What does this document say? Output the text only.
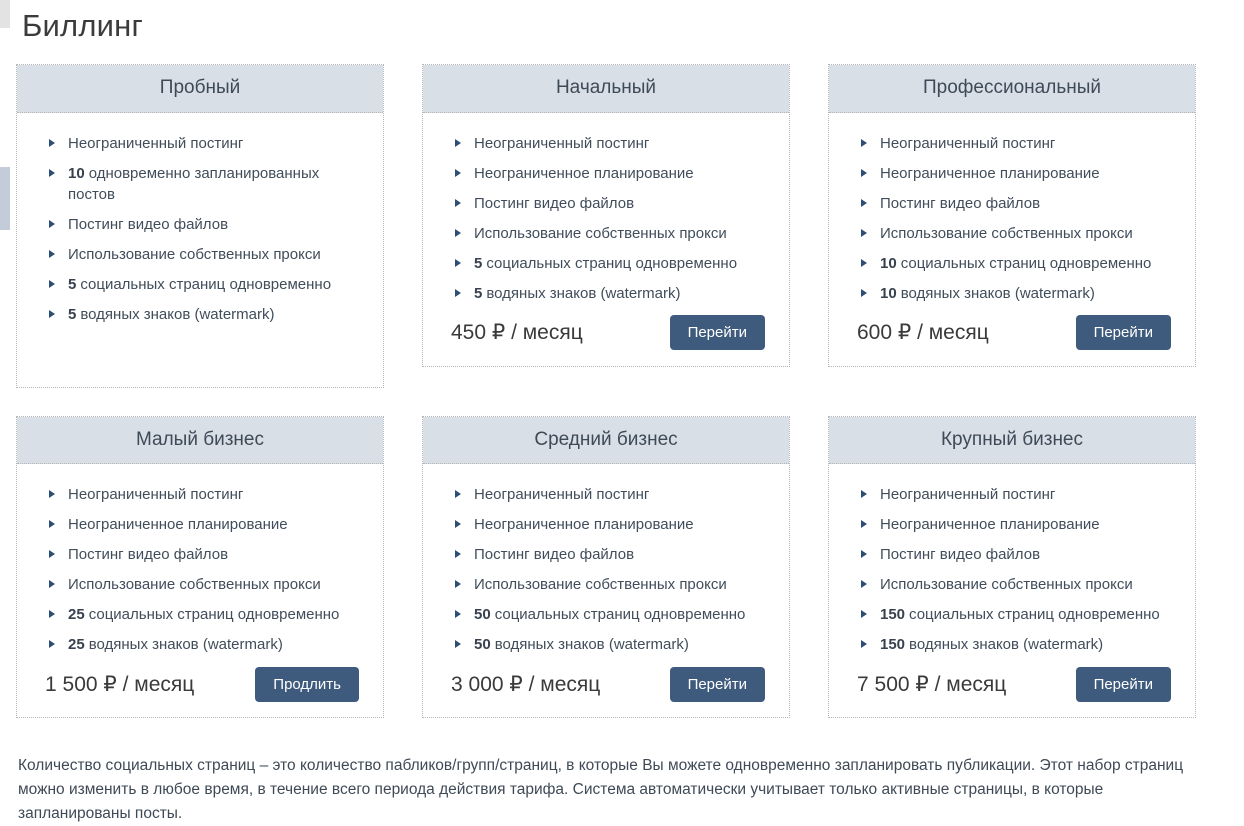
Биллинг
Пробный
Неограниченный постинг
10 одновременно запланированных постов
Постинг видео файлов
Использование собственных прокси
5 социальных страниц одновременно
5 водяных знаков (watermark)
Начальный
Неограниченный постинг
Неограниченное планирование
Постинг видео файлов
Использование собственных прокси
5 социальных страниц одновременно
5 водяных знаков (watermark)
450 ₽ / месяц	Перейти
Профессиональный
Неограниченный постинг
Неограниченное планирование
Постинг видео файлов
Использование собственных прокси
10 социальных страниц одновременно
10 водяных знаков (watermark)
600 ₽ / месяц	Перейти
Малый бизнес
Неограниченный постинг
Неограниченное планирование
Постинг видео файлов
Использование собственных прокси
25 социальных страниц одновременно
25 водяных знаков (watermark)
1 500 ₽ / месяц	Продлить
Средний бизнес
Неограниченный постинг
Неограниченное планирование
Постинг видео файлов
Использование собственных прокси
50 социальных страниц одновременно
50 водяных знаков (watermark)
3 000 ₽ / месяц	Перейти
Крупный бизнес
Неограниченный постинг
Неограниченное планирование
Постинг видео файлов
Использование собственных прокси
150 социальных страниц одновременно
150 водяных знаков (watermark)
7 500 ₽ / месяц	Перейти

Количество социальных страниц – это количество пабликов/групп/страниц, в которые Вы можете одновременно запланировать публикации. Этот набор страниц можно изменить в любое время, в течение всего периода действия тарифа. Система автоматически учитывает только активные страницы, в которые запланированы посты.
